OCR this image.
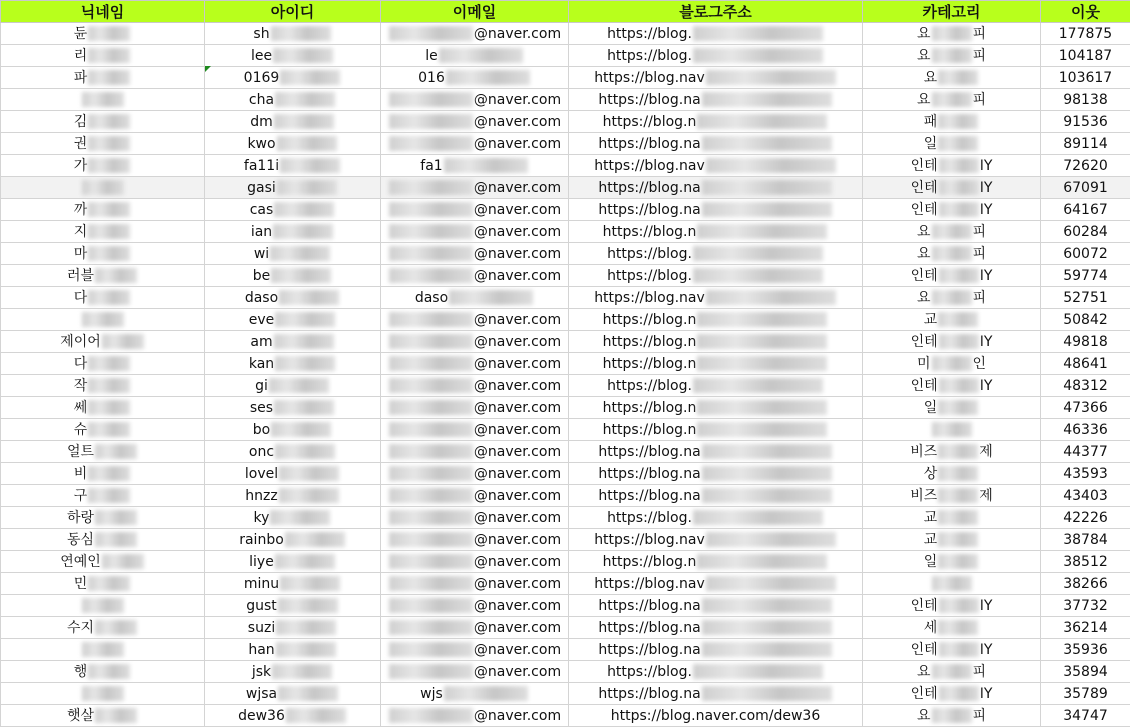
닉네임	아이디	이메일	블로그주소	카테고리	이웃
듄	sh	@naver.com	https://blog.	요 피	177875
리	lee	le	https://blog.	요 피	104187
파	0169	016	https://blog.nav	요	103617
	cha	@naver.com	https://blog.na	요 피	98138
김	dm	@naver.com	https://blog.n	패	91536
권	kwo	@naver.com	https://blog.na	일	89114
가	fa11i	fa1	https://blog.nav	인테 IY	72620
	gasi	@naver.com	https://blog.na	인테 IY	67091
까	cas	@naver.com	https://blog.na	인테 IY	64167
지	ian	@naver.com	https://blog.n	요 피	60284
마	wi	@naver.com	https://blog.	요 피	60072
러블	be	@naver.com	https://blog.	인테 IY	59774
다	daso	daso	https://blog.nav	요 피	52751
	eve	@naver.com	https://blog.n	교	50842
제이어	am	@naver.com	https://blog.n	인테 IY	49818
다	kan	@naver.com	https://blog.n	미 인	48641
작	gi	@naver.com	https://blog.	인테 IY	48312
쎄	ses	@naver.com	https://blog.n	일	47366
슈	bo	@naver.com	https://blog.n		46336
얼트	onc	@naver.com	https://blog.na	비즈 제	44377
비	lovel	@naver.com	https://blog.na	상	43593
구	hnzz	@naver.com	https://blog.na	비즈 제	43403
하랑	ky	@naver.com	https://blog.	교	42226
동심	rainbo	@naver.com	https://blog.nav	교	38784
연예인	liye	@naver.com	https://blog.n	일	38512
민	minu	@naver.com	https://blog.nav		38266
	gust	@naver.com	https://blog.na	인테 IY	37732
수지	suzi	@naver.com	https://blog.na	세	36214
	han	@naver.com	https://blog.na	인테 IY	35936
행	jsk	@naver.com	https://blog.	요 피	35894
	wjsa	wjs	https://blog.na	인테 IY	35789
햇살	dew36	@naver.com	https://blog.naver.com/dew36	요 피	34747
